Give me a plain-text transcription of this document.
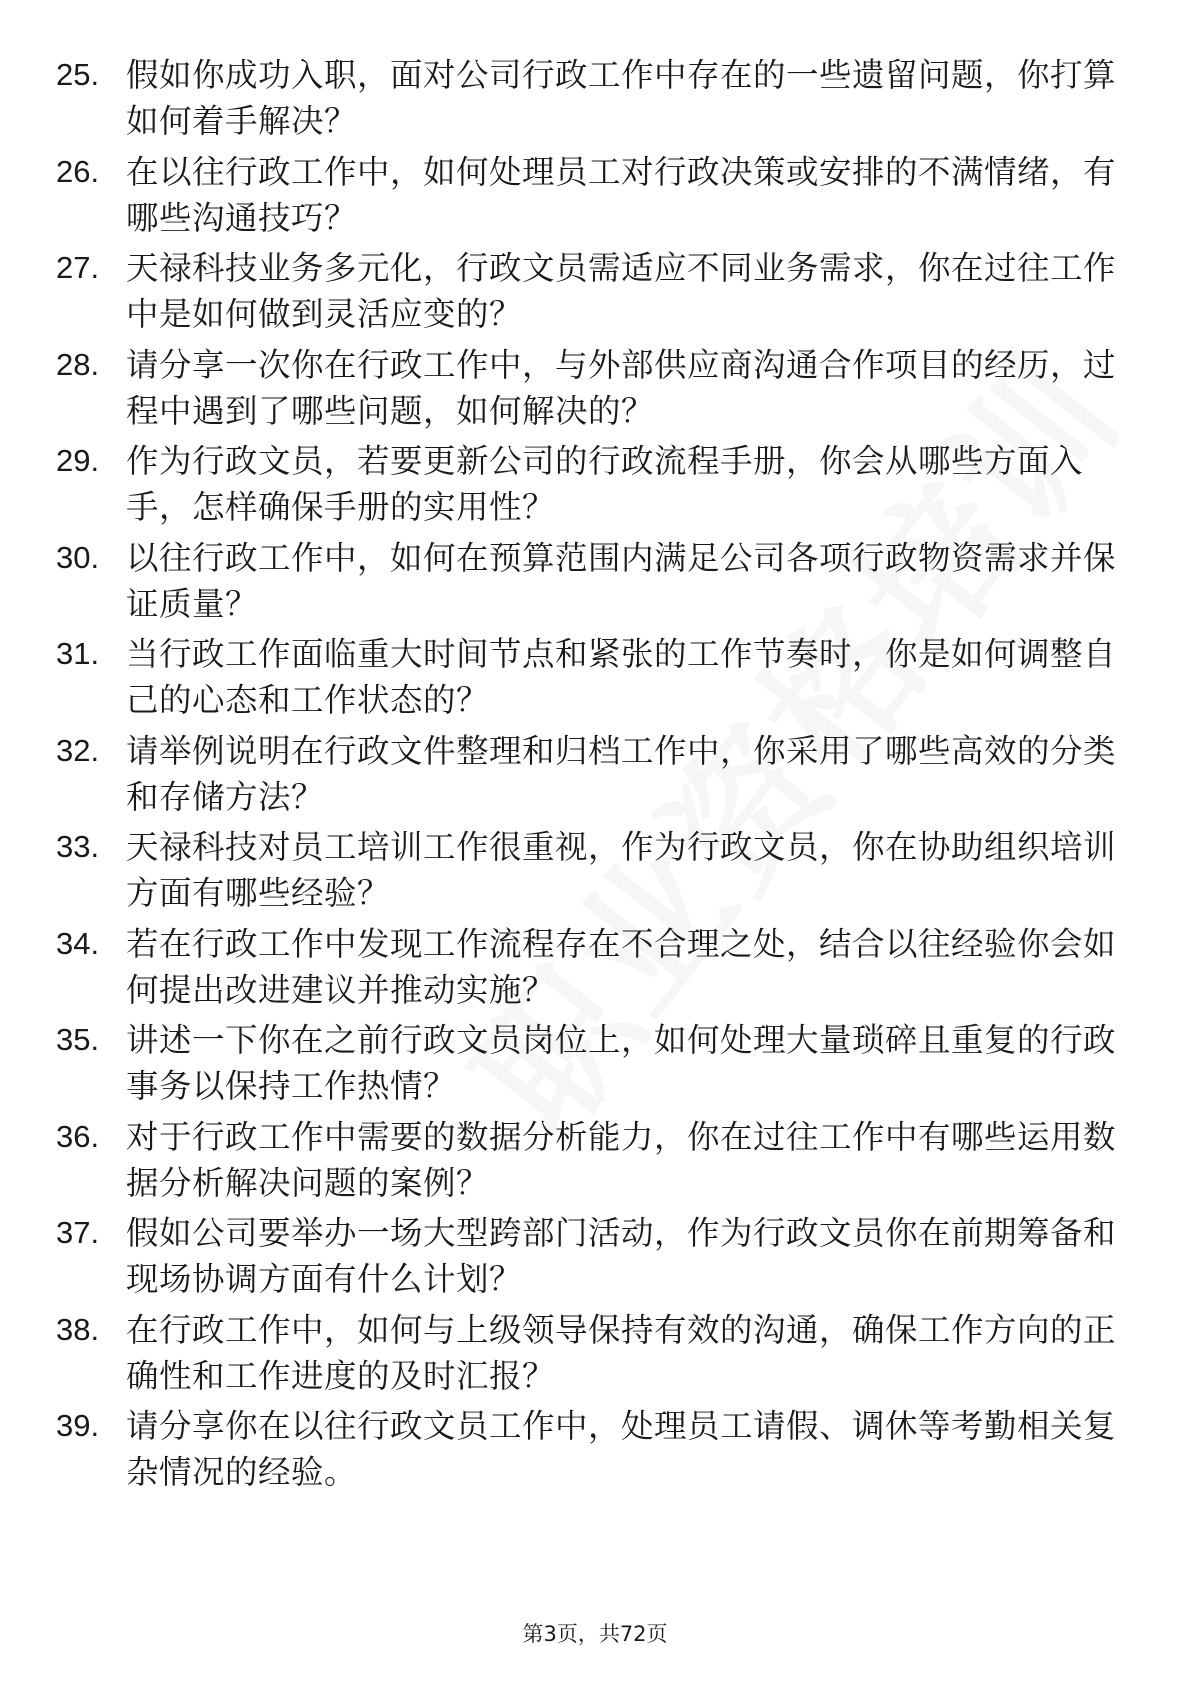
25. 假如你成功入职，面对公司行政工作中存在的一些遗留问题，你打算如何着手解决？
26. 在以往行政工作中，如何处理员工对行政决策或安排的不满情绪，有哪些沟通技巧？
27. 天禄科技业务多元化，行政文员需适应不同业务需求，你在过往工作中是如何做到灵活应变的？
28. 请分享一次你在行政工作中，与外部供应商沟通合作项目的经历，过程中遇到了哪些问题，如何解决的？
29. 作为行政文员，若要更新公司的行政流程手册，你会从哪些方面入手，怎样确保手册的实用性？
30. 以往行政工作中，如何在预算范围内满足公司各项行政物资需求并保证质量？
31. 当行政工作面临重大时间节点和紧张的工作节奏时，你是如何调整自己的心态和工作状态的？
32. 请举例说明在行政文件整理和归档工作中，你采用了哪些高效的分类和存储方法？
33. 天禄科技对员工培训工作很重视，作为行政文员，你在协助组织培训方面有哪些经验？
34. 若在行政工作中发现工作流程存在不合理之处，结合以往经验你会如何提出改进建议并推动实施？
35. 讲述一下你在之前行政文员岗位上，如何处理大量琐碎且重复的行政事务以保持工作热情？
36. 对于行政工作中需要的数据分析能力，你在过往工作中有哪些运用数据分析解决问题的案例？
37. 假如公司要举办一场大型跨部门活动，作为行政文员你在前期筹备和现场协调方面有什么计划？
38. 在行政工作中，如何与上级领导保持有效的沟通，确保工作方向的正确性和工作进度的及时汇报？
39. 请分享你在以往行政文员工作中，处理员工请假、调休等考勤相关复杂情况的经验。
第3页，共72页
